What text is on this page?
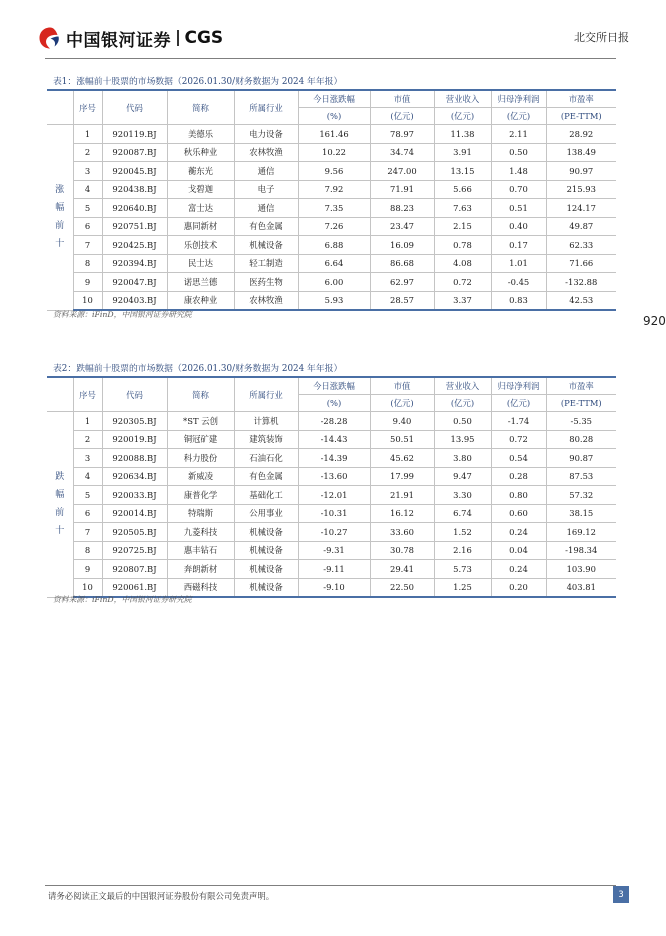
中国银河证券 CGS	北交所日报
表1：涨幅前十股票的市场数据（2026.01.30/财务数据为 2024 年年报）
	序号	代码	简称	所属行业	今日涨跌幅	市值	营业收入	归母净利润	市盈率
					(%)	(亿元)	(亿元)	(亿元)	(PE-TTM)

涨
幅
前
十	1	920119.BJ	美德乐	电力设备	161.46	78.97	11.38	2.11	28.92
	2	920087.BJ	秋乐种业	农林牧渔	10.22	34.74	3.91	0.50	138.49
	3	920045.BJ	蘅东光	通信	9.56	247.00	13.15	1.48	90.97
	4	920438.BJ	戈碧迦	电子	7.92	71.91	5.66	0.70	215.93
	5	920640.BJ	富士达	通信	7.35	88.23	7.63	0.51	124.17
	6	920751.BJ	惠同新材	有色金属	7.26	23.47	2.15	0.40	49.87
	7	920425.BJ	乐创技术	机械设备	6.88	16.09	0.78	0.17	62.33
	8	920394.BJ	民士达	轻工制造	6.64	86.68	4.08	1.01	71.66
	9	920047.BJ	诺思兰德	医药生物	6.00	62.97	0.72	-0.45	-132.88
	10	920403.BJ	康农种业	农林牧渔	5.93	28.57	3.37	0.83	42.53
资料来源：iFinD，中国银河证券研究院	920
表2：跌幅前十股票的市场数据（2026.01.30/财务数据为 2024 年年报）
	序号	代码	简称	所属行业	今日涨跌幅	市值	营业收入	归母净利润	市盈率
					(%)	(亿元)	(亿元)	(亿元)	(PE-TTM)

跌
幅
前
十	1	920305.BJ	*ST 云创	计算机	-28.28	9.40	0.50	-1.74	-5.35
	2	920019.BJ	铜冠矿建	建筑装饰	-14.43	50.51	13.95	0.72	80.28
	3	920088.BJ	科力股份	石油石化	-14.39	45.62	3.80	0.54	90.87
	4	920634.BJ	新威凌	有色金属	-13.60	17.99	9.47	0.28	87.53
	5	920033.BJ	康普化学	基础化工	-12.01	21.91	3.30	0.80	57.32
	6	920014.BJ	特瑞斯	公用事业	-10.31	16.12	6.74	0.60	38.15
	7	920505.BJ	九菱科技	机械设备	-10.27	33.60	1.52	0.24	169.12
	8	920725.BJ	惠丰钻石	机械设备	-9.31	30.78	2.16	0.04	-198.34
	9	920807.BJ	奔朗新材	机械设备	-9.11	29.41	5.73	0.24	103.90
	10	920061.BJ	西磁科技	机械设备	-9.10	22.50	1.25	0.20	403.81
资料来源：iFinD，中国银河证券研究院
请务必阅读正文最后的中国银河证券股份有限公司免责声明。	3
